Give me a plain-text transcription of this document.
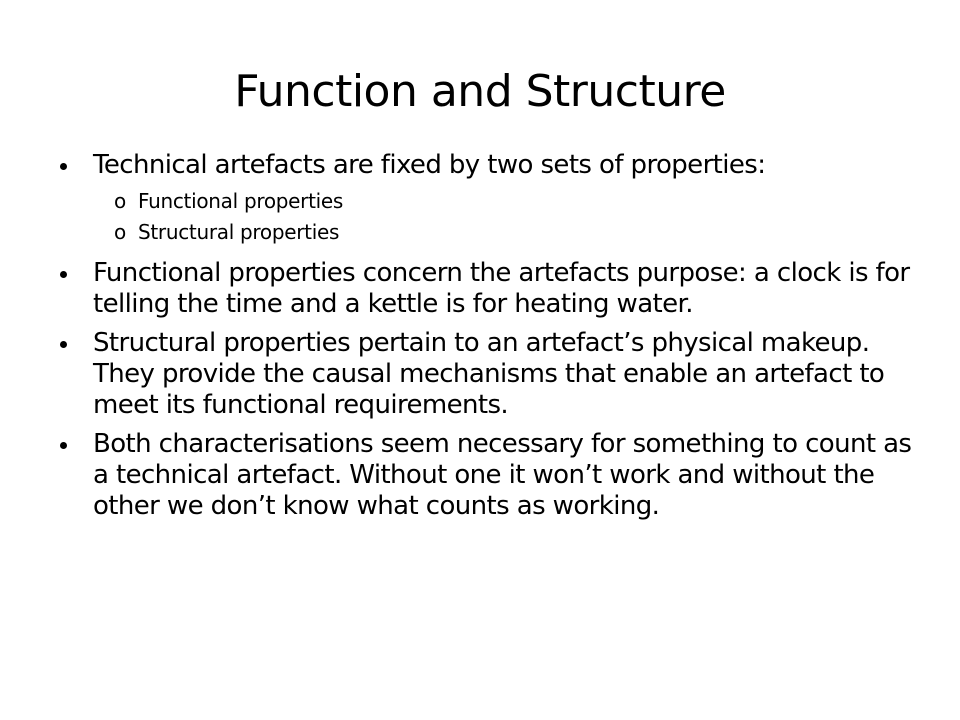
Function and Structure
Technical artefacts are fixed by two sets of properties:
o Functional properties
o Structural properties
Functional properties concern the artefacts purpose: a clock is for telling the time and a kettle is for heating water.
Structural properties pertain to an artefact’s physical makeup. They provide the causal mechanisms that enable an artefact to meet its functional requirements.
Both characterisations seem necessary for something to count as a technical artefact. Without one it won’t work and without the other we don’t know what counts as working.
